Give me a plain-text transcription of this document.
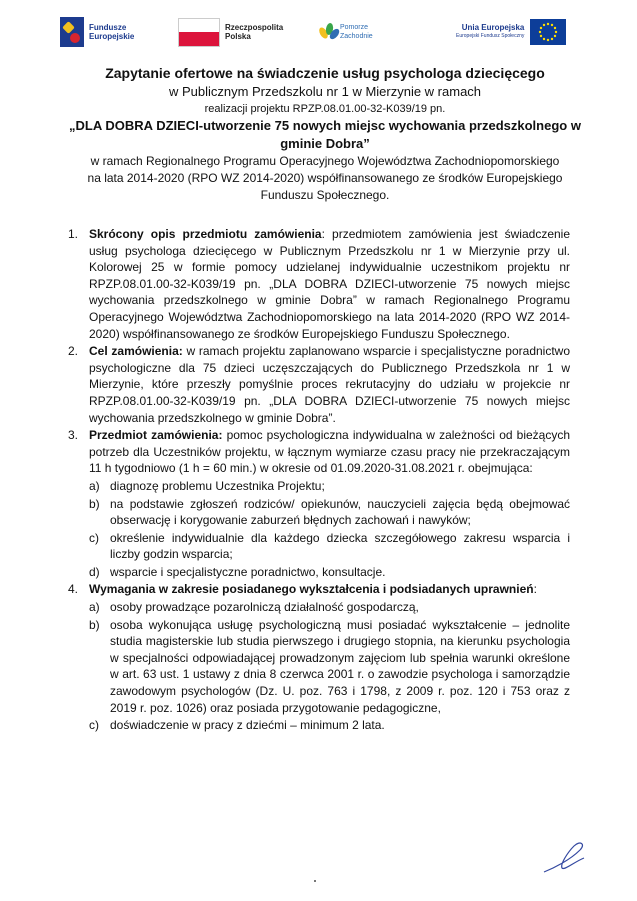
Fundusze
Europejskie
Rzeczpospolita
Polska
Pomorze
Zachodnie
Unia Europejska
Europejski Fundusz Społeczny
Zapytanie ofertowe na świadczenie usług psychologa dziecięcego
w Publicznym Przedszkolu nr 1 w Mierzynie w ramach
realizacji projektu RPZP.08.01.00-32-K039/19 pn.
„DLA DOBRA DZIECI-utworzenie 75 nowych miejsc wychowania przedszkolnego w
gminie Dobra”
w ramach Regionalnego Programu Operacyjnego Województwa Zachodniopomorskiego
na lata 2014-2020 (RPO WZ 2014-2020) współfinansowanego ze środków Europejskiego
Funduszu Społecznego.
1. Skrócony opis przedmiotu zamówienia: przedmiotem zamówienia jest świadczenie usług psychologa dziecięcego w Publicznym Przedszkolu nr 1 w Mierzynie przy ul. Kolorowej 25 w formie pomocy udzielanej indywidualnie uczestnikom projektu nr RPZP.08.01.00-32-K039/19 pn. „DLA DOBRA DZIECI-utworzenie 75 nowych miejsc wychowania przedszkolnego w gminie Dobra” w ramach Regionalnego Programu Operacyjnego Województwa Zachodniopomorskiego na lata 2014-2020 (RPO WZ 2014-2020) współfinansowanego ze środków Europejskiego Funduszu Społecznego.
2. Cel zamówienia: w ramach projektu zaplanowano wsparcie i specjalistyczne poradnictwo psychologiczne dla 75 dzieci uczęszczających do Publicznego Przedszkola nr 1 w Mierzynie, które przeszły pomyślnie proces rekrutacyjny do udziału w projekcie nr RPZP.08.01.00-32-K039/19 pn. „DLA DOBRA DZIECI-utworzenie 75 nowych miejsc wychowania przedszkolnego w gminie Dobra”.
3. Przedmiot zamówienia: pomoc psychologiczna indywidualna w zależności od bieżących potrzeb dla Uczestników projektu, w łącznym wymiarze czasu pracy nie przekraczającym 11 h tygodniowo (1 h = 60 min.) w okresie od 01.09.2020-31.08.2021 r. obejmująca:
a) diagnozę problemu Uczestnika Projektu;
b) na podstawie zgłoszeń rodziców/ opiekunów, nauczycieli zajęcia będą obejmować obserwację i korygowanie zaburzeń błędnych zachowań i nawyków;
c) określenie indywidualnie dla każdego dziecka szczegółowego zakresu wsparcia i liczby godzin wsparcia;
d) wsparcie i specjalistyczne poradnictwo, konsultacje.
4. Wymagania w zakresie posiadanego wykształcenia i podsiadanych uprawnień:
a) osoby prowadzące pozarolniczą działalność gospodarczą,
b) osoba wykonująca usługę psychologiczną musi posiadać wykształcenie – jednolite studia magisterskie lub studia pierwszego i drugiego stopnia, na kierunku psychologia w specjalności odpowiadającej prowadzonym zajęciom lub spełnia warunki określone w art. 63 ust. 1 ustawy z dnia 8 czerwca 2001 r. o zawodzie psychologa i samorządzie zawodowym psychologów (Dz. U. poz. 763 i 1798, z 2009 r. poz. 120 i 753 oraz z 2019 r. poz. 1026) oraz posiada przygotowanie pedagogiczne,
c) doświadczenie w pracy z dziećmi – minimum 2 lata.
